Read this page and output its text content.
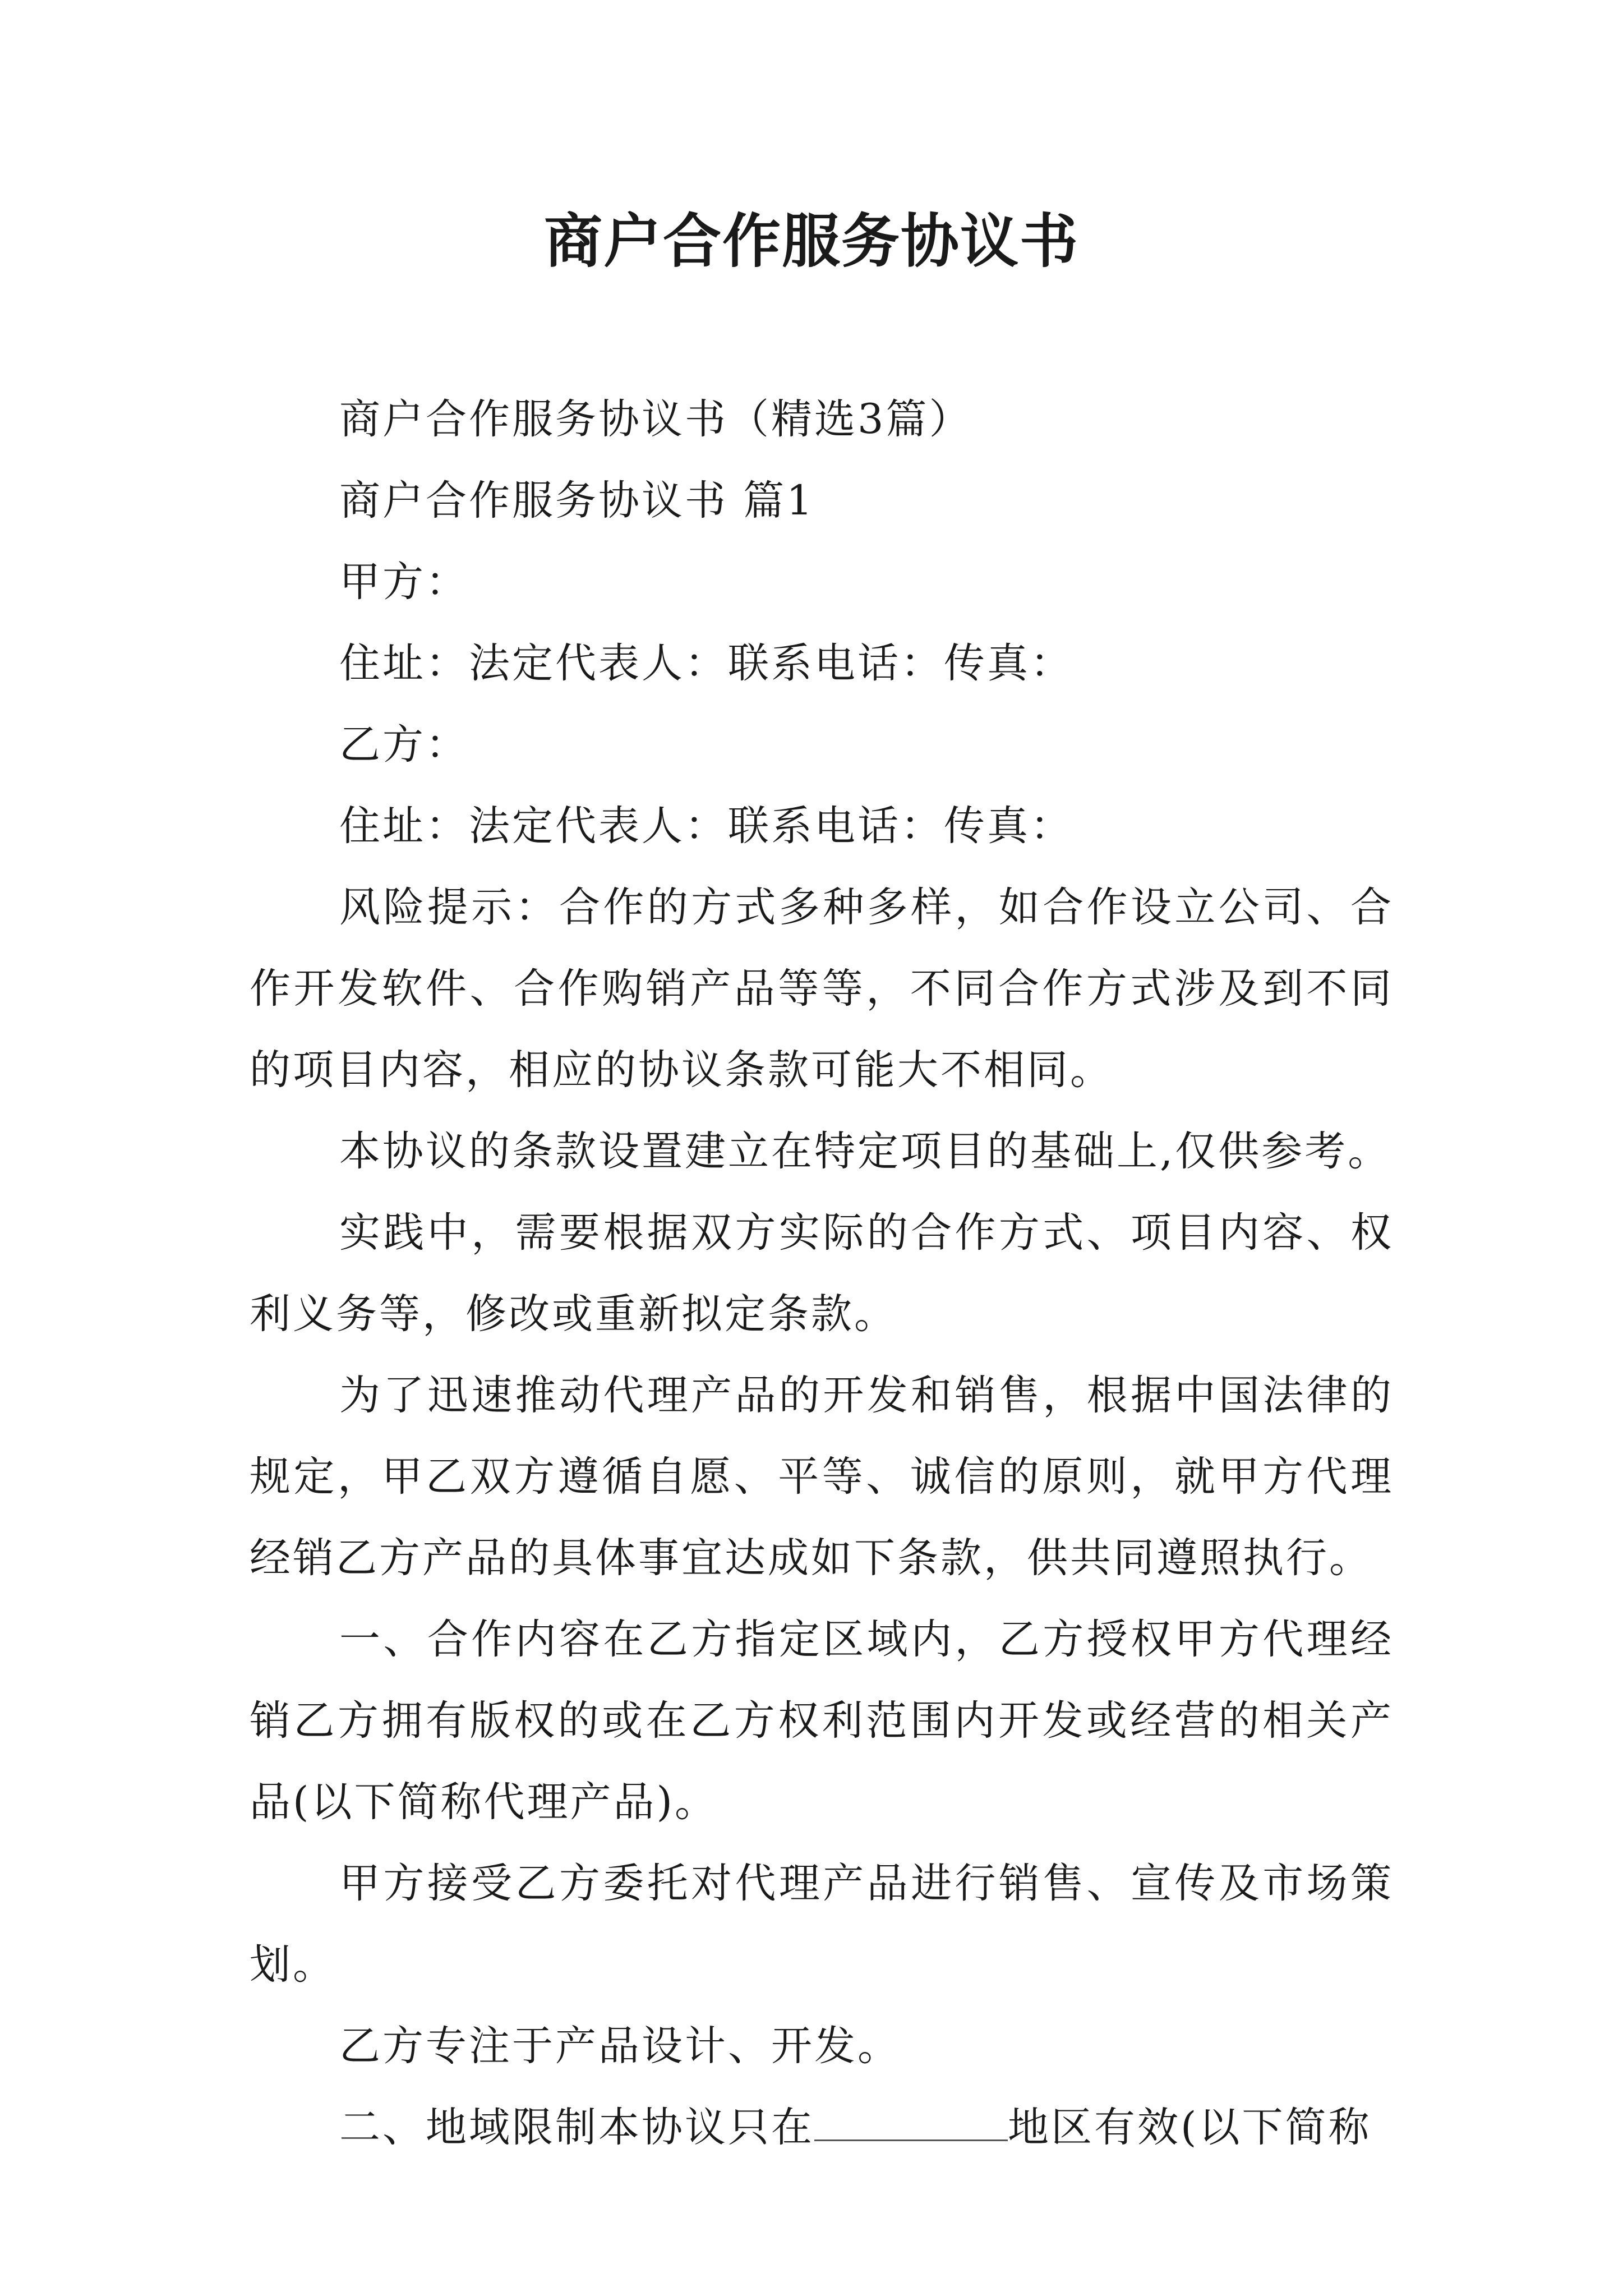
商户合作服务协议书

商户合作服务协议书（精选3篇）

商户合作服务协议书 篇1

甲方：

住址：法定代表人：联系电话：传真：

乙方：

住址：法定代表人：联系电话：传真：

风险提示：合作的方式多种多样，如合作设立公司、合作开发软件、合作购销产品等等，不同合作方式涉及到不同的项目内容，相应的协议条款可能大不相同。

本协议的条款设置建立在特定项目的基础上,仅供参考。

实践中，需要根据双方实际的合作方式、项目内容、权利义务等，修改或重新拟定条款。

为了迅速推动代理产品的开发和销售，根据中国法律的规定，甲乙双方遵循自愿、平等、诚信的原则，就甲方代理经销乙方产品的具体事宜达成如下条款，供共同遵照执行。

一、合作内容在乙方指定区域内，乙方授权甲方代理经销乙方拥有版权的或在乙方权利范围内开发或经营的相关产品(以下简称代理产品)。

甲方接受乙方委托对代理产品进行销售、宣传及市场策划。

乙方专注于产品设计、开发。

二、地域限制本协议只在	地区有效(以下简称
